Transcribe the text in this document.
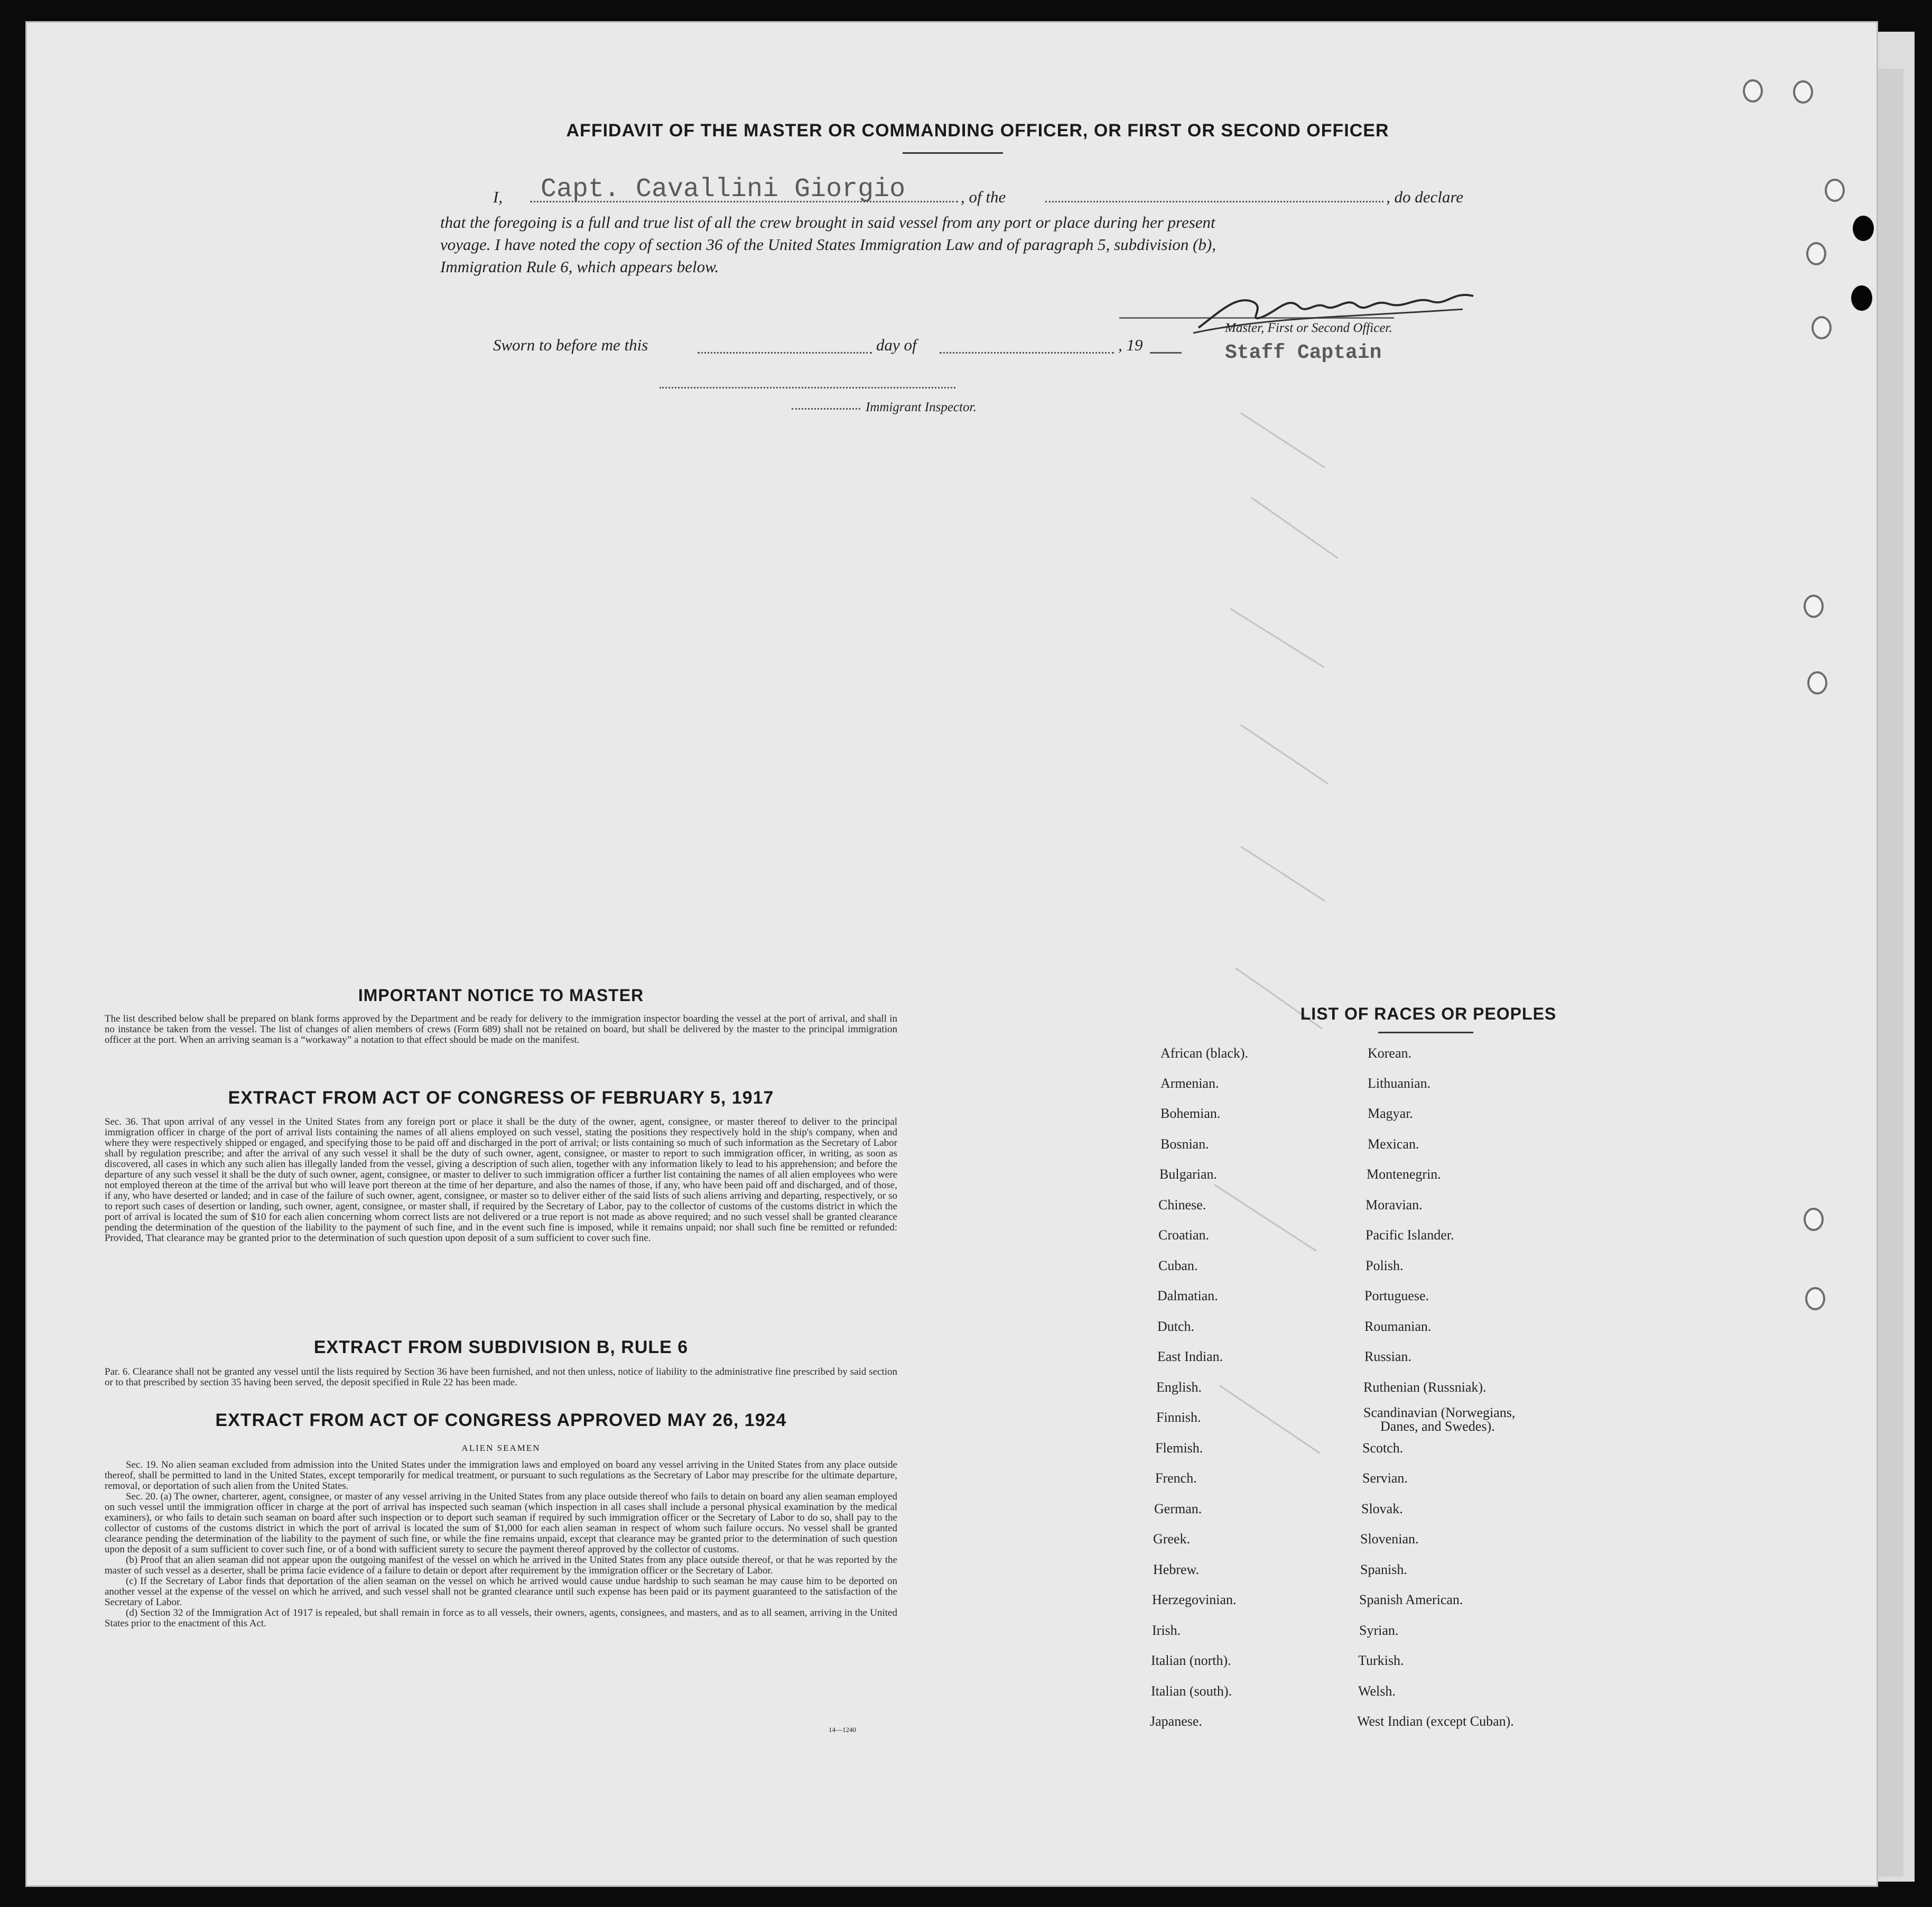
AFFIDAVIT OF THE MASTER OR COMMANDING OFFICER, OR FIRST OR SECOND OFFICER
I, Capt. Cavallini Giorgio	, of the	, do declare
that the foregoing is a full and true list of all the crew brought in said vessel from any port or place during her present
voyage. I have noted the copy of section 36 of the United States Immigration Law and of paragraph 5, subdivision (b),
Immigration Rule 6, which appears below.
Master, First or Second Officer.
Sworn to before me this	day of	, 19	Staff Captain
Immigrant Inspector.
IMPORTANT NOTICE TO MASTER
The list described below shall be prepared on blank forms approved by the Department and be ready for delivery to the immigration inspector boarding the vessel at the port of arrival, and shall in no instance be taken from the vessel. The list of changes of alien members of crews (Form 689) shall not be retained on board, but shall be delivered by the master to the principal immigration officer at the port. When an arriving seaman is a “workaway” a notation to that effect should be made on the manifest.
EXTRACT FROM ACT OF CONGRESS OF FEBRUARY 5, 1917
Sec. 36. That upon arrival of any vessel in the United States from any foreign port or place it shall be the duty of the owner, agent, consignee, or master thereof to deliver to the principal immigration officer in charge of the port of arrival lists containing the names of all aliens employed on such vessel, stating the positions they respectively hold in the ship's company, when and where they were respectively shipped or engaged, and specifying those to be paid off and discharged in the port of arrival; or lists containing so much of such information as the Secretary of Labor shall by regulation prescribe; and after the arrival of any such vessel it shall be the duty of such owner, agent, consignee, or master to report to such immigration officer, in writing, as soon as discovered, all cases in which any such alien has illegally landed from the vessel, giving a description of such alien, together with any information likely to lead to his apprehension; and before the departure of any such vessel it shall be the duty of such owner, agent, consignee, or master to deliver to such immigration officer a further list containing the names of all alien employees who were not employed thereon at the time of the arrival but who will leave port thereon at the time of her departure, and also the names of those, if any, who have been paid off and discharged, and of those, if any, who have deserted or landed; and in case of the failure of such owner, agent, consignee, or master so to deliver either of the said lists of such aliens arriving and departing, respectively, or so to report such cases of desertion or landing, such owner, agent, consignee, or master shall, if required by the Secretary of Labor, pay to the collector of customs of the customs district in which the port of arrival is located the sum of $10 for each alien concerning whom correct lists are not delivered or a true report is not made as above required; and no such vessel shall be granted clearance pending the determination of the question of the liability to the payment of such fine, and in the event such fine is imposed, while it remains unpaid; nor shall such fine be remitted or refunded: Provided, That clearance may be granted prior to the determination of such question upon deposit of a sum sufficient to cover such fine.
EXTRACT FROM SUBDIVISION B, RULE 6
Par. 6. Clearance shall not be granted any vessel until the lists required by Section 36 have been furnished, and not then unless, notice of liability to the administrative fine prescribed by said section or to that prescribed by section 35 having been served, the deposit specified in Rule 22 has been made.
EXTRACT FROM ACT OF CONGRESS APPROVED MAY 26, 1924
ALIEN SEAMEN
Sec. 19. No alien seaman excluded from admission into the United States under the immigration laws and employed on board any vessel arriving in the United States from any place outside thereof, shall be permitted to land in the United States, except temporarily for medical treatment, or pursuant to such regulations as the Secretary of Labor may prescribe for the ultimate departure, removal, or deportation of such alien from the United States.
Sec. 20. (a) The owner, charterer, agent, consignee, or master of any vessel arriving in the United States from any place outside thereof who fails to detain on board any alien seaman employed on such vessel until the immigration officer in charge at the port of arrival has inspected such seaman (which inspection in all cases shall include a personal physical examination by the medical examiners), or who fails to detain such seaman on board after such inspection or to deport such seaman if required by such immigration officer or the Secretary of Labor to do so, shall pay to the collector of customs of the customs district in which the port of arrival is located the sum of $1,000 for each alien seaman in respect of whom such failure occurs. No vessel shall be granted clearance pending the determination of the liability to the payment of such fine, or while the fine remains unpaid, except that clearance may be granted prior to the determination of such question upon the deposit of a sum sufficient to cover such fine, or of a bond with sufficient surety to secure the payment thereof approved by the collector of customs.
(b) Proof that an alien seaman did not appear upon the outgoing manifest of the vessel on which he arrived in the United States from any place outside thereof, or that he was reported by the master of such vessel as a deserter, shall be prima facie evidence of a failure to detain or deport after requirement by the immigration officer or the Secretary of Labor.
(c) If the Secretary of Labor finds that deportation of the alien seaman on the vessel on which he arrived would cause undue hardship to such seaman he may cause him to be deported on another vessel at the expense of the vessel on which he arrived, and such vessel shall not be granted clearance until such expense has been paid or its payment guaranteed to the satisfaction of the Secretary of Labor.
(d) Section 32 of the Immigration Act of 1917 is repealed, but shall remain in force as to all vessels, their owners, agents, consignees, and masters, and as to all seamen, arriving in the United States prior to the enactment of this Act.
14—1240
LIST OF RACES OR PEOPLES
African (black).
Armenian.
Bohemian.
Bosnian.
Bulgarian.
Chinese.
Croatian.
Cuban.
Dalmatian.
Dutch.
East Indian.
English.
Finnish.
Flemish.
French.
German.
Greek.
Hebrew.
Herzegovinian.
Irish.
Italian (north).
Italian (south).
Japanese.
Korean.
Lithuanian.
Magyar.
Mexican.
Montenegrin.
Moravian.
Pacific Islander.
Polish.
Portuguese.
Roumanian.
Russian.
Ruthenian (Russniak).
Scandinavian (Norwegians,
Danes, and Swedes).
Scotch.
Servian.
Slovak.
Slovenian.
Spanish.
Spanish American.
Syrian.
Turkish.
Welsh.
West Indian (except Cuban).
